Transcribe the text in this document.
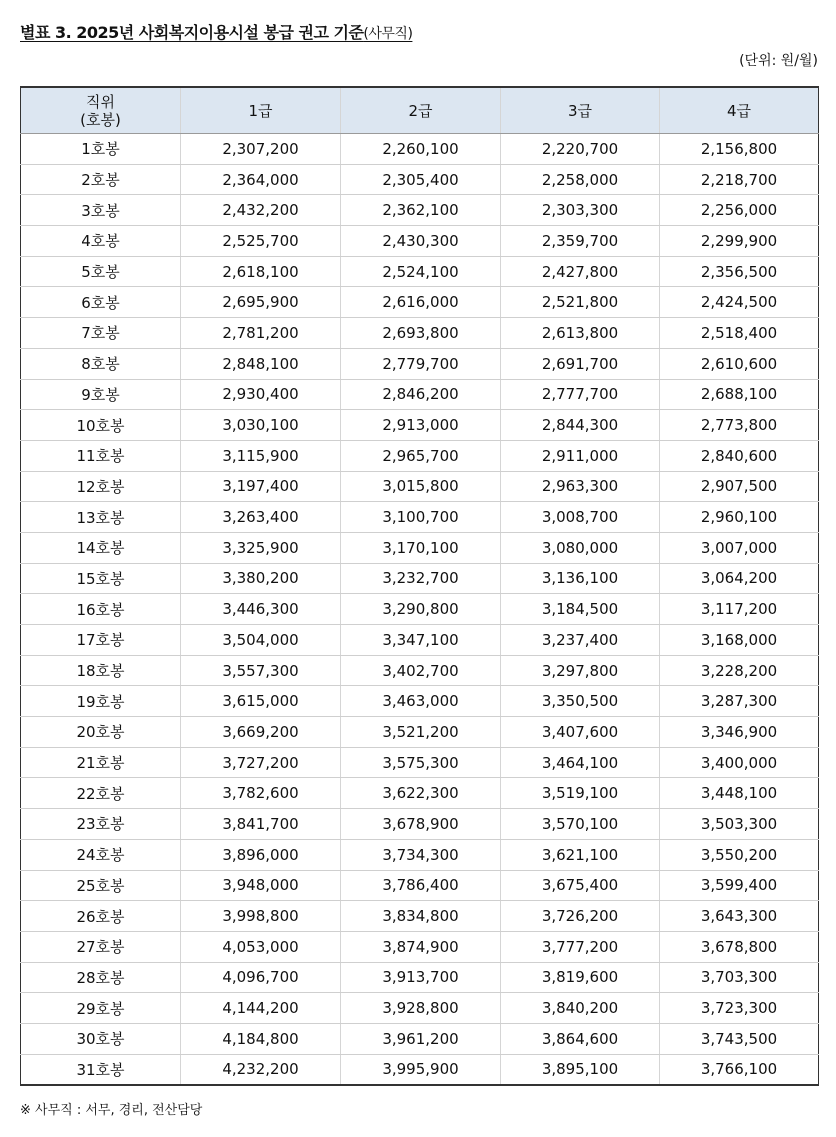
별표 3. 2025년 사회복지이용시설 봉급 권고 기준(사무직)
(단위: 원/월)
직위
(호봉)	1급	2급	3급	4급
1호봉	2,307,200	2,260,100	2,220,700	2,156,800
2호봉	2,364,000	2,305,400	2,258,000	2,218,700
3호봉	2,432,200	2,362,100	2,303,300	2,256,000
4호봉	2,525,700	2,430,300	2,359,700	2,299,900
5호봉	2,618,100	2,524,100	2,427,800	2,356,500
6호봉	2,695,900	2,616,000	2,521,800	2,424,500
7호봉	2,781,200	2,693,800	2,613,800	2,518,400
8호봉	2,848,100	2,779,700	2,691,700	2,610,600
9호봉	2,930,400	2,846,200	2,777,700	2,688,100
10호봉	3,030,100	2,913,000	2,844,300	2,773,800
11호봉	3,115,900	2,965,700	2,911,000	2,840,600
12호봉	3,197,400	3,015,800	2,963,300	2,907,500
13호봉	3,263,400	3,100,700	3,008,700	2,960,100
14호봉	3,325,900	3,170,100	3,080,000	3,007,000
15호봉	3,380,200	3,232,700	3,136,100	3,064,200
16호봉	3,446,300	3,290,800	3,184,500	3,117,200
17호봉	3,504,000	3,347,100	3,237,400	3,168,000
18호봉	3,557,300	3,402,700	3,297,800	3,228,200
19호봉	3,615,000	3,463,000	3,350,500	3,287,300
20호봉	3,669,200	3,521,200	3,407,600	3,346,900
21호봉	3,727,200	3,575,300	3,464,100	3,400,000
22호봉	3,782,600	3,622,300	3,519,100	3,448,100
23호봉	3,841,700	3,678,900	3,570,100	3,503,300
24호봉	3,896,000	3,734,300	3,621,100	3,550,200
25호봉	3,948,000	3,786,400	3,675,400	3,599,400
26호봉	3,998,800	3,834,800	3,726,200	3,643,300
27호봉	4,053,000	3,874,900	3,777,200	3,678,800
28호봉	4,096,700	3,913,700	3,819,600	3,703,300
29호봉	4,144,200	3,928,800	3,840,200	3,723,300
30호봉	4,184,800	3,961,200	3,864,600	3,743,500
31호봉	4,232,200	3,995,900	3,895,100	3,766,100
※ 사무직 : 서무, 경리, 전산담당
